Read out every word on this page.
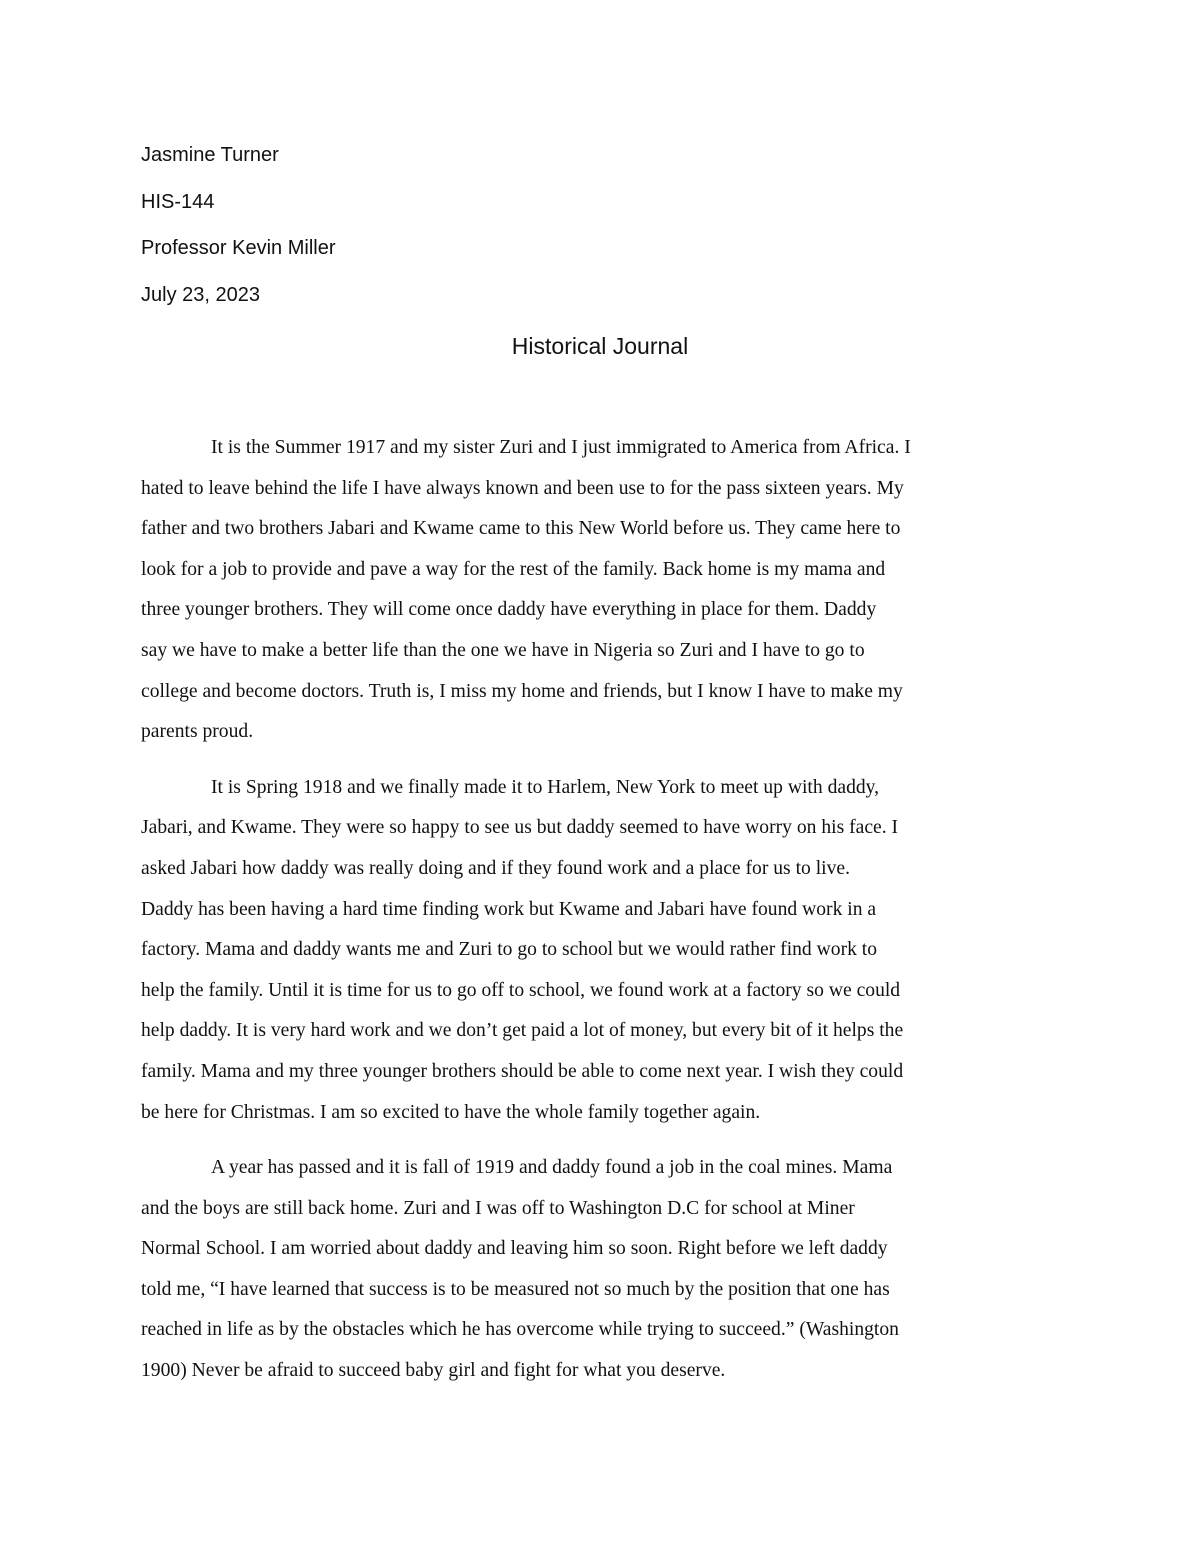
Jasmine Turner

HIS-144

Professor Kevin Miller

July 23, 2023

Historical Journal

It is the Summer 1917 and my sister Zuri and I just immigrated to America from Africa. I
hated to leave behind the life I have always known and been use to for the pass sixteen years. My
father and two brothers Jabari and Kwame came to this New World before us. They came here to
look for a job to provide and pave a way for the rest of the family. Back home is my mama and
three younger brothers. They will come once daddy have everything in place for them. Daddy
say we have to make a better life than the one we have in Nigeria so Zuri and I have to go to
college and become doctors. Truth is, I miss my home and friends, but I know I have to make my
parents proud.

It is Spring 1918 and we finally made it to Harlem, New York to meet up with daddy,
Jabari, and Kwame. They were so happy to see us but daddy seemed to have worry on his face. I
asked Jabari how daddy was really doing and if they found work and a place for us to live.
Daddy has been having a hard time finding work but Kwame and Jabari have found work in a
factory. Mama and daddy wants me and Zuri to go to school but we would rather find work to
help the family. Until it is time for us to go off to school, we found work at a factory so we could
help daddy. It is very hard work and we don’t get paid a lot of money, but every bit of it helps the
family. Mama and my three younger brothers should be able to come next year. I wish they could
be here for Christmas. I am so excited to have the whole family together again.

A year has passed and it is fall of 1919 and daddy found a job in the coal mines. Mama
and the boys are still back home. Zuri and I was off to Washington D.C for school at Miner
Normal School. I am worried about daddy and leaving him so soon. Right before we left daddy
told me, “I have learned that success is to be measured not so much by the position that one has
reached in life as by the obstacles which he has overcome while trying to succeed.” (Washington
1900) Never be afraid to succeed baby girl and fight for what you deserve.
